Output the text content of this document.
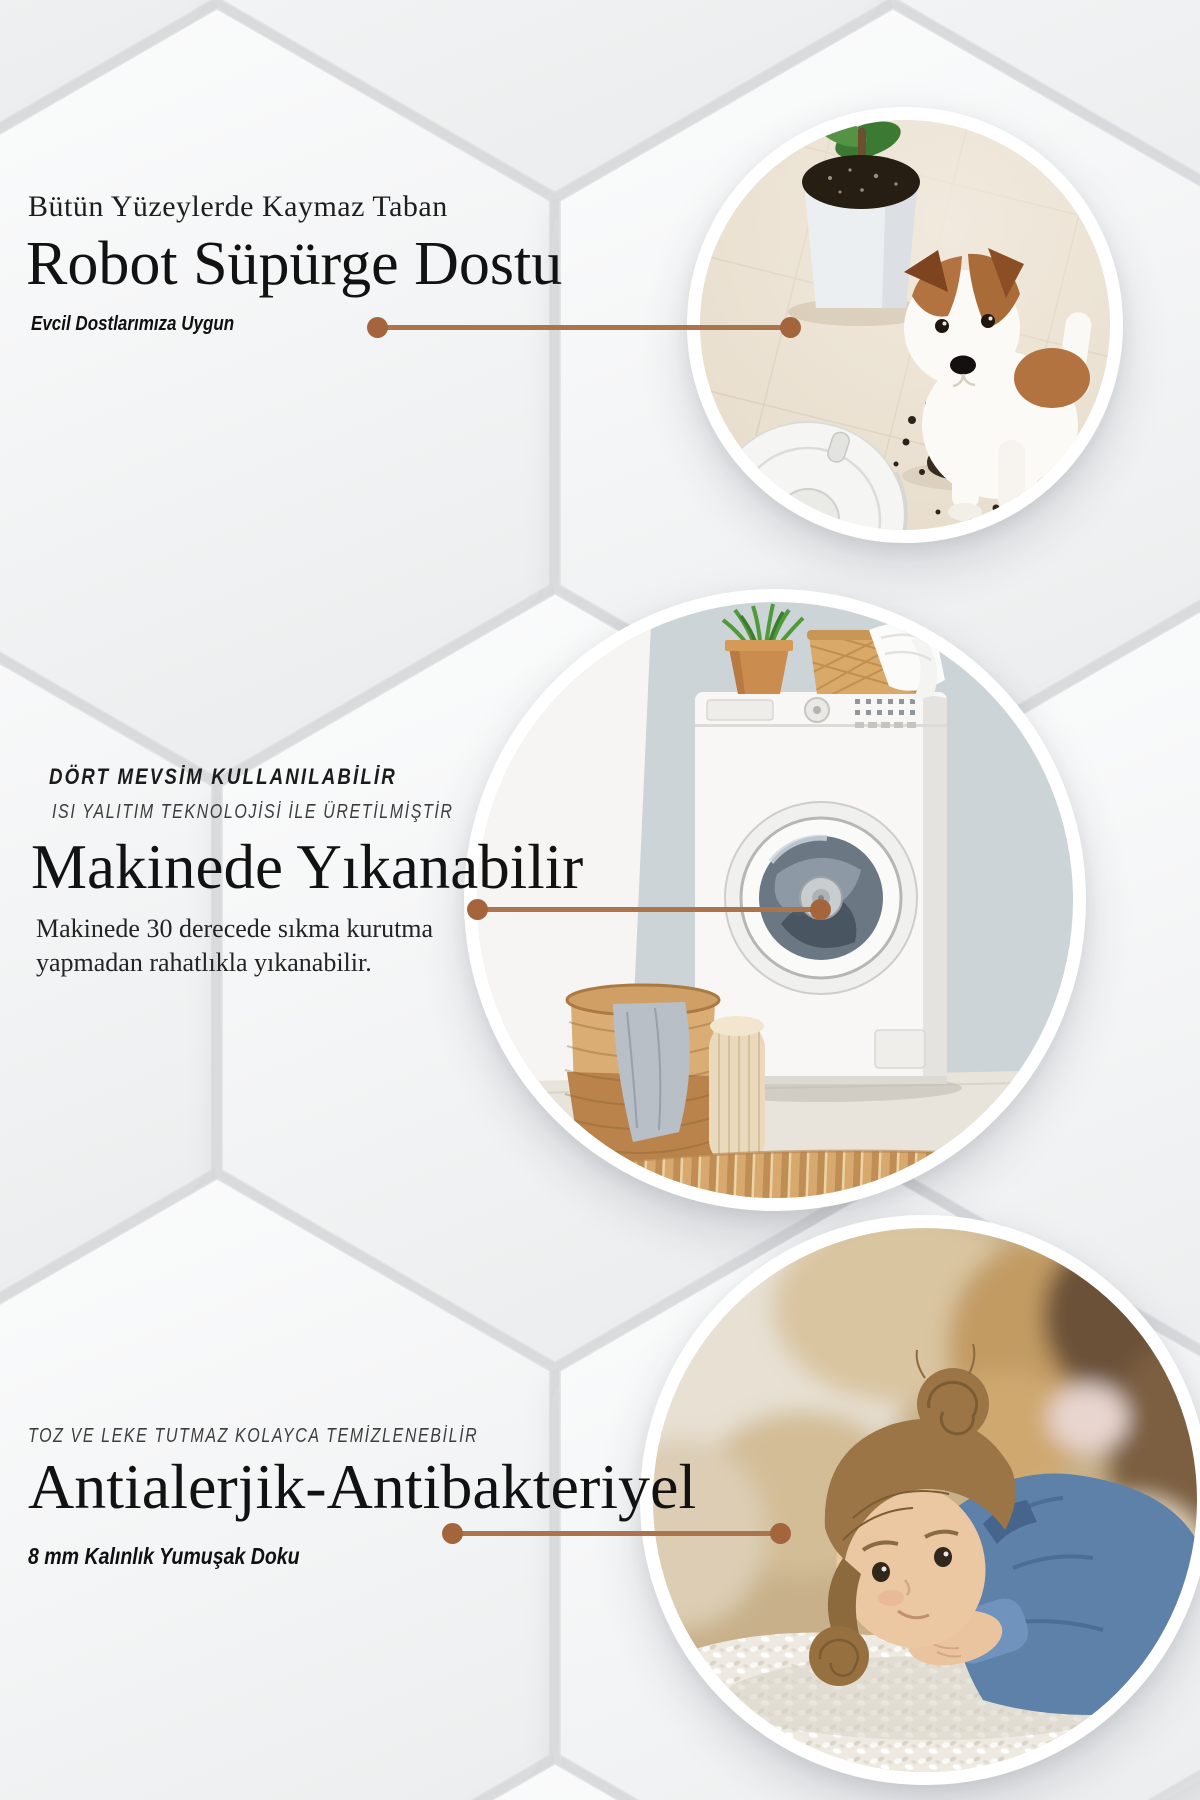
Bütün Yüzeylerde Kaymaz Taban
Robot Süpürge Dostu
Evcil Dostlarımıza Uygun
DÖRT MEVSİM KULLANILABİLİR
ISI YALITIM TEKNOLOJİSİ İLE ÜRETİLMİŞTİR
Makinede Yıkanabilir
Makinede 30 derecede sıkma kurutma
yapmadan rahatlıkla yıkanabilir.
TOZ VE LEKE TUTMAZ KOLAYCA TEMİZLENEBİLİR
Antialerjik-Antibakteriyel
8 mm Kalınlık Yumuşak Doku
